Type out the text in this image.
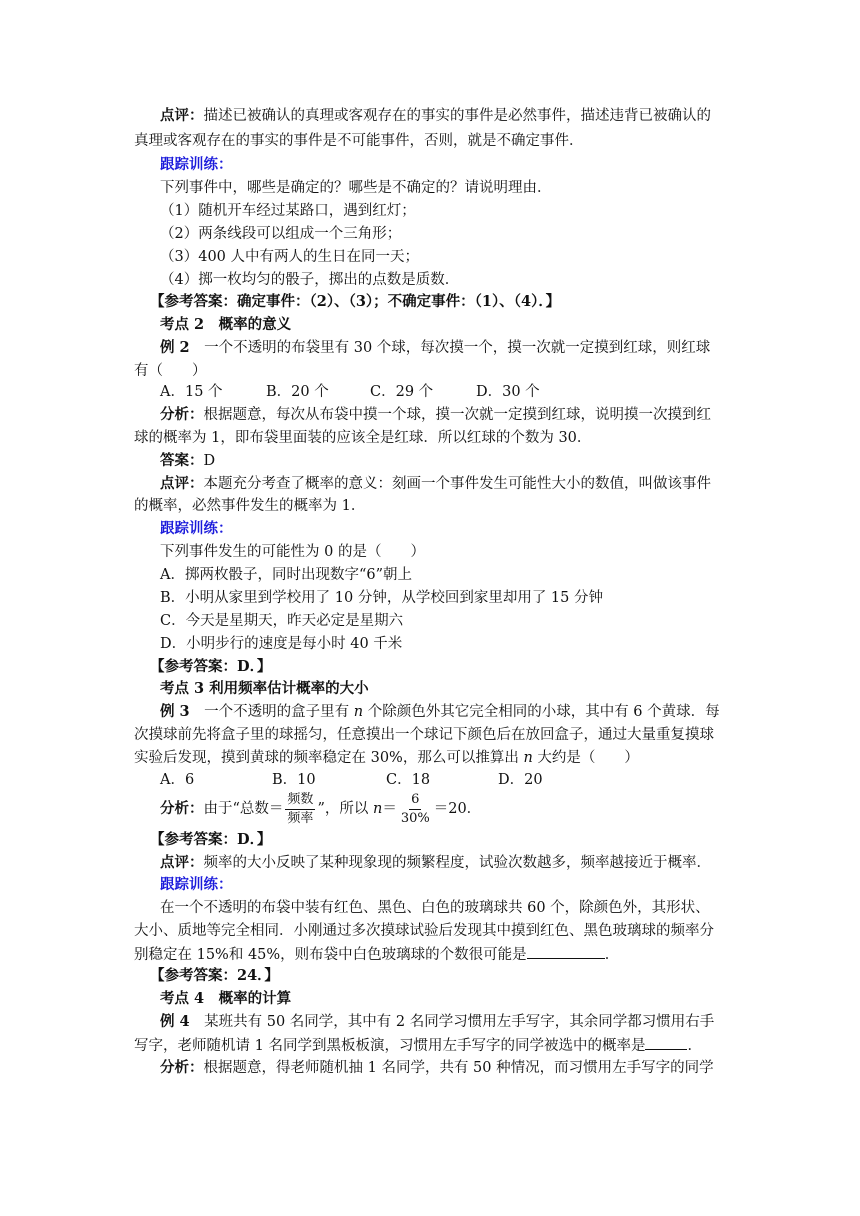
点评：描述已被确认的真理或客观存在的事实的事件是必然事件，描述违背已被确认的
真理或客观存在的事实的事件是不可能事件，否则，就是不确定事件．
跟踪训练：
下列事件中，哪些是确定的？哪些是不确定的？请说明理由．
（1）随机开车经过某路口，遇到红灯；
（2）两条线段可以组成一个三角形；
（3）400 人中有两人的生日在同一天；
（4）掷一枚均匀的骰子，掷出的点数是质数．
【参考答案：确定事件：（2）、（3）；不确定事件：（1）、（4）．】
考点 2　概率的意义
例 2　一个不透明的布袋里有 30 个球，每次摸一个，摸一次就一定摸到红球，则红球
有（　　）
A．15 个	B．20 个	C．29 个	D．30 个
分析：根据题意，每次从布袋中摸一个球，摸一次就一定摸到红球，说明摸一次摸到红
球的概率为 1，即布袋里面装的应该全是红球．所以红球的个数为 30．
答案：D
点评：本题充分考查了概率的意义：刻画一个事件发生可能性大小的数值，叫做该事件
的概率，必然事件发生的概率为 1．
跟踪训练：
下列事件发生的可能性为 0 的是（　　）
A．掷两枚骰子，同时出现数字“6”朝上
B．小明从家里到学校用了 10 分钟，从学校回到家里却用了 15 分钟
C．今天是星期天，昨天必定是星期六
D．小明步行的速度是每小时 40 千米
【参考答案：D．】
考点 3 利用频率估计概率的大小
例 3　一个不透明的盒子里有 n 个除颜色外其它完全相同的小球，其中有 6 个黄球．每
次摸球前先将盒子里的球摇匀，任意摸出一个球记下颜色后在放回盒子，通过大量重复摸球
实验后发现，摸到黄球的频率稳定在 30%，那么可以推算出 n 大约是（　　）
A．6	B．10	C．18	D．20
分析：由于“总数＝ $\frac{\text{频数}}{\text{频率}}$ ”，所以 $n= \frac{6}{30\%} =20$．
【参考答案：D．】
点评：频率的大小反映了某种现象现的频繁程度，试验次数越多，频率越接近于概率．
跟踪训练：
在一个不透明的布袋中装有红色、黑色、白色的玻璃球共 60 个，除颜色外，其形状、
大小、质地等完全相同．小刚通过多次摸球试验后发现其中摸到红色、黑色玻璃球的频率分
别稳定在 15%和 45%，则布袋中白色玻璃球的个数很可能是	．
【参考答案：24．】
考点 4　概率的计算
例 4　某班共有 50 名同学，其中有 2 名同学习惯用左手写字，其余同学都习惯用右手
写字，老师随机请 1 名同学到黑板板演，习惯用左手写字的同学被选中的概率是	．
分析：根据题意，得老师随机抽 1 名同学，共有 50 种情况，而习惯用左手写字的同学
